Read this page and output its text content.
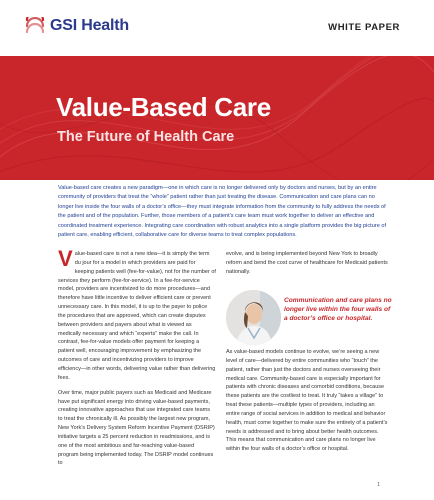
GSI Health	WHITE PAPER
Value-Based Care
The Future of Health Care
Value-based care creates a new paradigm—one in which care is no longer delivered only by doctors and nurses, but by an entire community of providers that treat the “whole” patient rather than just treating the disease. Communication and care plans can no longer live inside the four walls of a doctor’s office—they must integrate information from the community to fully address the needs of the patient and of the population. Further, those members of a patient’s care team must work together to deliver an effective and coordinated treatment experience. Integrating care coordination with robust analytics into a single platform provides the big picture of patient care, enabling efficient, collaborative care for diverse teams to treat complex populations.

Value-based care is not a new idea—it is simply the term du jour for a model in which providers are paid for keeping patients well (fee-for-value), not for the number of services they perform (fee-for-service). In a fee-for-service model, providers are incentivized to do more procedures—and therefore have little incentive to deliver efficient care or prevent unnecessary care. In this model, it is up to the payer to police the procedures that are approved, which can create disputes between providers and payers about what is viewed as medically necessary and which “experts” make the call. In contrast, fee-for-value models offer payment for keeping a patient well, encouraging improvement by emphasizing the outcomes of care and incentivizing providers to improve efficiency—in other words, delivering value rather than delivering fees.

Over time, major public payers such as Medicaid and Medicare have put significant energy into driving value-based payments, creating innovative approaches that use integrated care teams to treat the chronically ill. As possibly the largest new program, New York’s Delivery System Reform Incentive Payment (DSRIP) initiative targets a 25 percent reduction in readmissions, and is one of the most ambitious and far-reaching value-based program being implemented today. The DSRIP model continues to

evolve, and is being implemented beyond New York to broadly reform and bend the cost curve of healthcare for Medicaid patients nationally.
Communication and care plans no longer live within the four walls of a doctor’s office or hospital.
As value-based models continue to evolve, we’re seeing a new level of care—delivered by entire communities who “touch” the patient, rather than just the doctors and nurses overseeing their medical care. Community-based care is especially important for patients with chronic diseases and comorbid conditions, because these patients are the costliest to treat. It truly “takes a village” to treat these patients—multiple types of providers, including an entire range of social services in addition to medical and behavior health, must come together to make sure the entirety of a patient’s needs is addressed and to bring about better health outcomes. This means that communication and care plans no longer live within the four walls of a doctor’s office or hospital.
1
